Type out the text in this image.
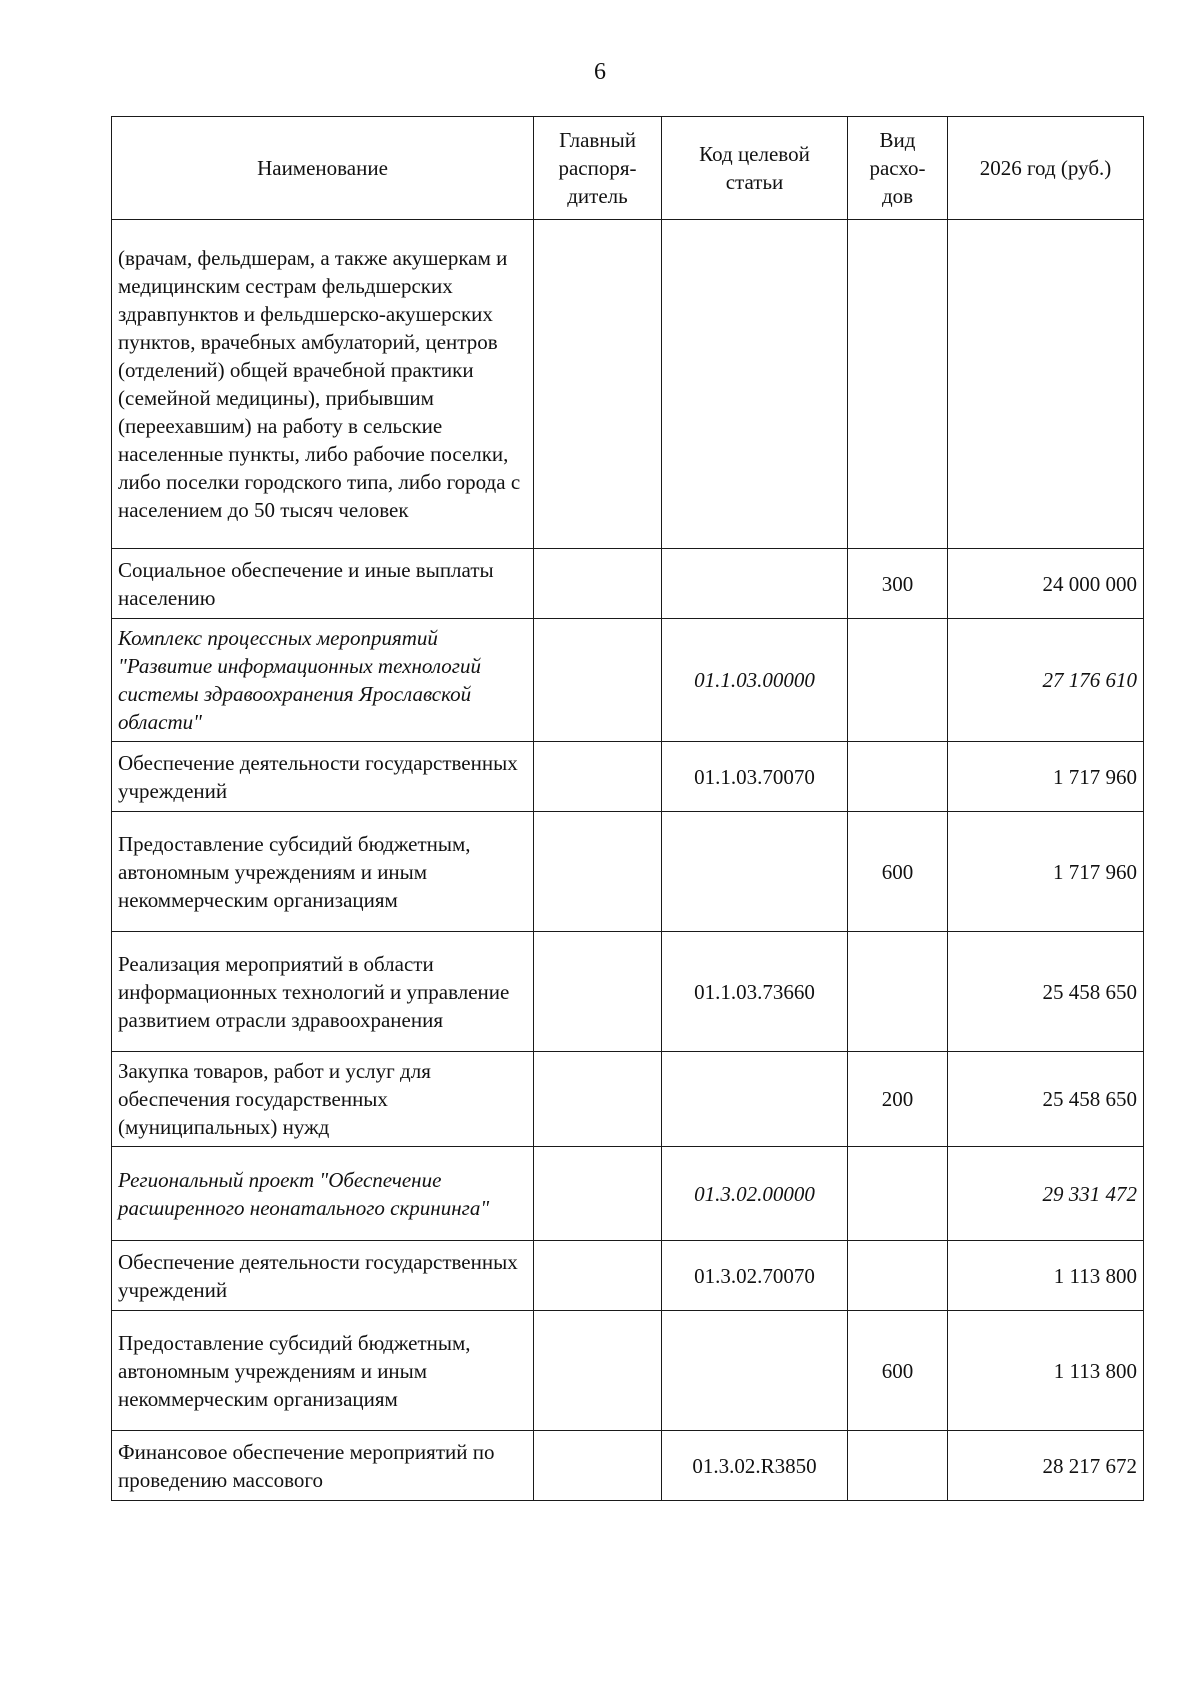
6
Наименование	Главный распоря-дитель	Код целевой статьи	Вид расхо-дов	2026 год (руб.)
(врачам, фельдшерам, а также акушеркам и медицинским сестрам фельдшерских здравпунктов и фельдшерско-акушерских пунктов, врачебных амбулаторий, центров (отделений) общей врачебной практики (семейной медицины), прибывшим (переехавшим) на работу в сельские населенные пункты, либо рабочие поселки, либо поселки городского типа, либо города с населением до 50 тысяч человек				
Социальное обеспечение и иные выплаты населению			300	24 000 000
Комплекс процессных мероприятий "Развитие информационных технологий системы здравоохранения Ярославской области"		01.1.03.00000		27 176 610
Обеспечение деятельности государственных учреждений		01.1.03.70070		1 717 960
Предоставление субсидий бюджетным, автономным учреждениям и иным некоммерческим организациям			600	1 717 960
Реализация мероприятий в области информационных технологий и управление развитием отрасли здравоохранения		01.1.03.73660		25 458 650
Закупка товаров, работ и услуг для обеспечения государственных (муниципальных) нужд			200	25 458 650
Региональный проект "Обеспечение расширенного неонатального скрининга"		01.3.02.00000		29 331 472
Обеспечение деятельности государственных учреждений		01.3.02.70070		1 113 800
Предоставление субсидий бюджетным, автономным учреждениям и иным некоммерческим организациям			600	1 113 800
Финансовое обеспечение мероприятий по проведению массового		01.3.02.R3850		28 217 672
